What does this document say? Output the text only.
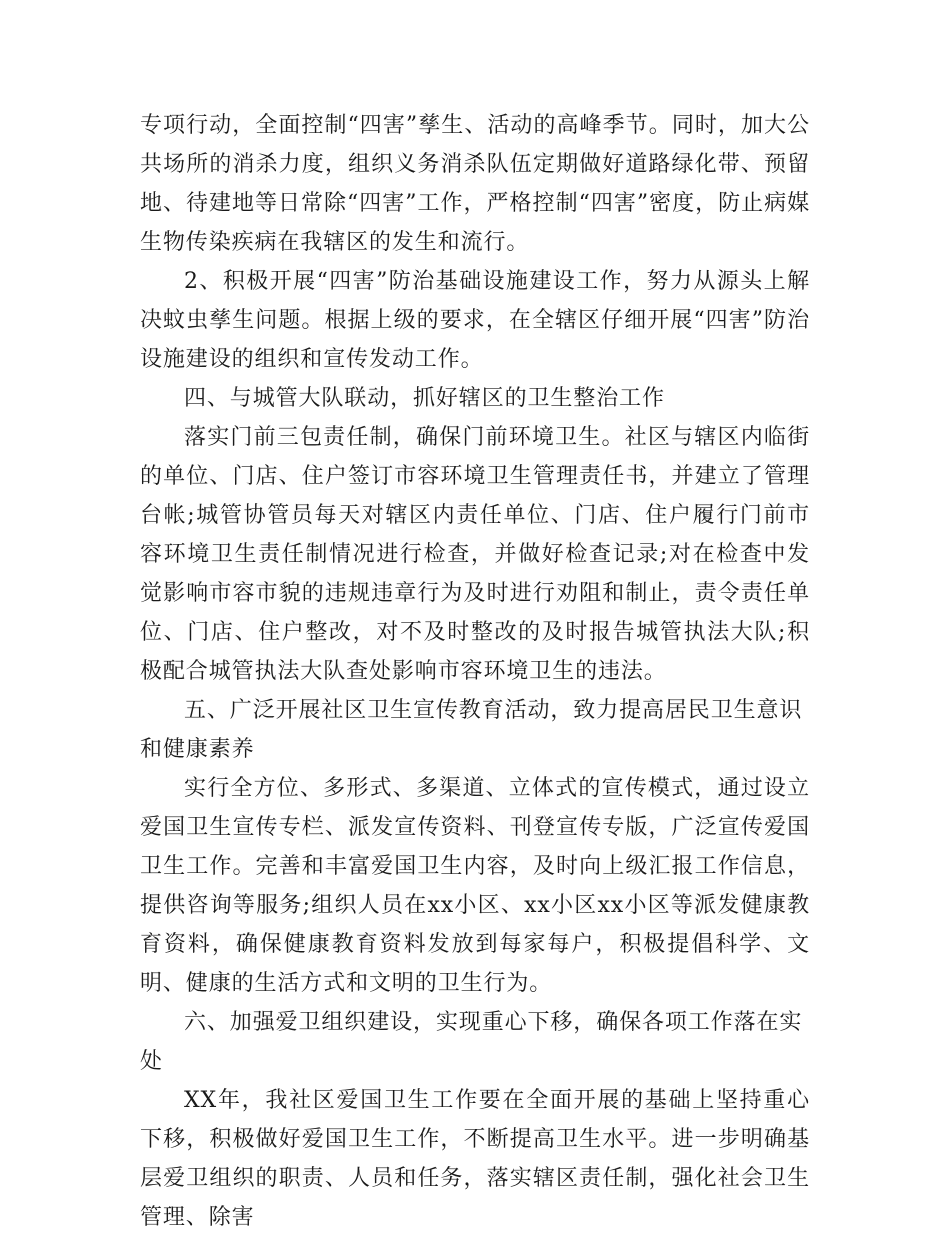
专项行动，全面控制“四害”孳生、活动的高峰季节。同时，加大公共场所的消杀力度，组织义务消杀队伍定期做好道路绿化带、预留地、待建地等日常除“四害”工作，严格控制“四害”密度，防止病媒生物传染疾病在我辖区的发生和流行。

2、积极开展“四害”防治基础设施建设工作，努力从源头上解决蚊虫孳生问题。根据上级的要求，在全辖区仔细开展“四害”防治设施建设的组织和宣传发动工作。

四、与城管大队联动，抓好辖区的卫生整治工作

落实门前三包责任制，确保门前环境卫生。社区与辖区内临街的单位、门店、住户签订市容环境卫生管理责任书，并建立了管理台帐;城管协管员每天对辖区内责任单位、门店、住户履行门前市容环境卫生责任制情况进行检查，并做好检查记录;对在检查中发觉影响市容市貌的违规违章行为及时进行劝阻和制止，责令责任单位、门店、住户整改，对不及时整改的及时报告城管执法大队;积极配合城管执法大队查处影响市容环境卫生的违法。

五、广泛开展社区卫生宣传教育活动，致力提高居民卫生意识和健康素养

实行全方位、多形式、多渠道、立体式的宣传模式，通过设立爱国卫生宣传专栏、派发宣传资料、刊登宣传专版，广泛宣传爱国卫生工作。完善和丰富爱国卫生内容，及时向上级汇报工作信息，提供咨询等服务;组织人员在xx小区、xx小区xx小区等派发健康教育资料，确保健康教育资料发放到每家每户，积极提倡科学、文明、健康的生活方式和文明的卫生行为。

六、加强爱卫组织建设，实现重心下移，确保各项工作落在实处

XX年，我社区爱国卫生工作要在全面开展的基础上坚持重心下移，积极做好爱国卫生工作，不断提高卫生水平。进一步明确基层爱卫组织的职责、人员和任务，落实辖区责任制，强化社会卫生管理、除害
